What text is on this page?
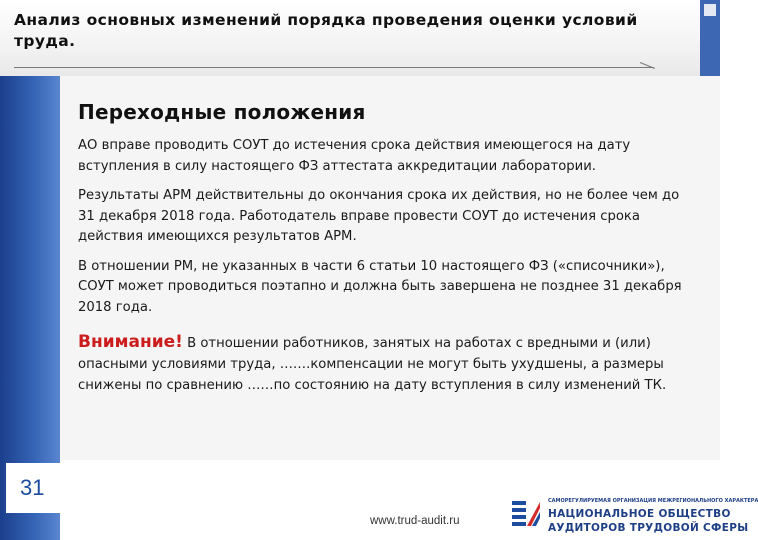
Анализ основных изменений порядка проведения оценки условий труда.
Переходные положения

АО вправе проводить СОУТ до истечения срока действия имеющегося на дату вступления в силу настоящего ФЗ аттестата аккредитации лаборатории.

Результаты АРМ действительны до окончания срока их действия, но не более чем до 31 декабря 2018 года. Работодатель вправе провести СОУТ до истечения срока действия имеющихся результатов АРМ.

В отношении РМ, не указанных в части 6 статьи 10 настоящего ФЗ («списочники»), СОУТ может проводиться поэтапно и должна быть завершена не позднее 31 декабря 2018 года.

Внимание! В отношении работников, занятых на работах с вредными и (или) опасными условиями труда, …….компенсации не могут быть ухудшены, а размеры снижены по сравнению ……по состоянию на дату вступления в силу изменений ТК.

31
www.trud-audit.ru
САМОРЕГУЛИРУЕМАЯ ОРГАНИЗАЦИЯ МЕЖРЕГИОНАЛЬНОГО ХАРАКТЕРА
НАЦИОНАЛЬНОЕ ОБЩЕСТВО
АУДИТОРОВ ТРУДОВОЙ СФЕРЫ
